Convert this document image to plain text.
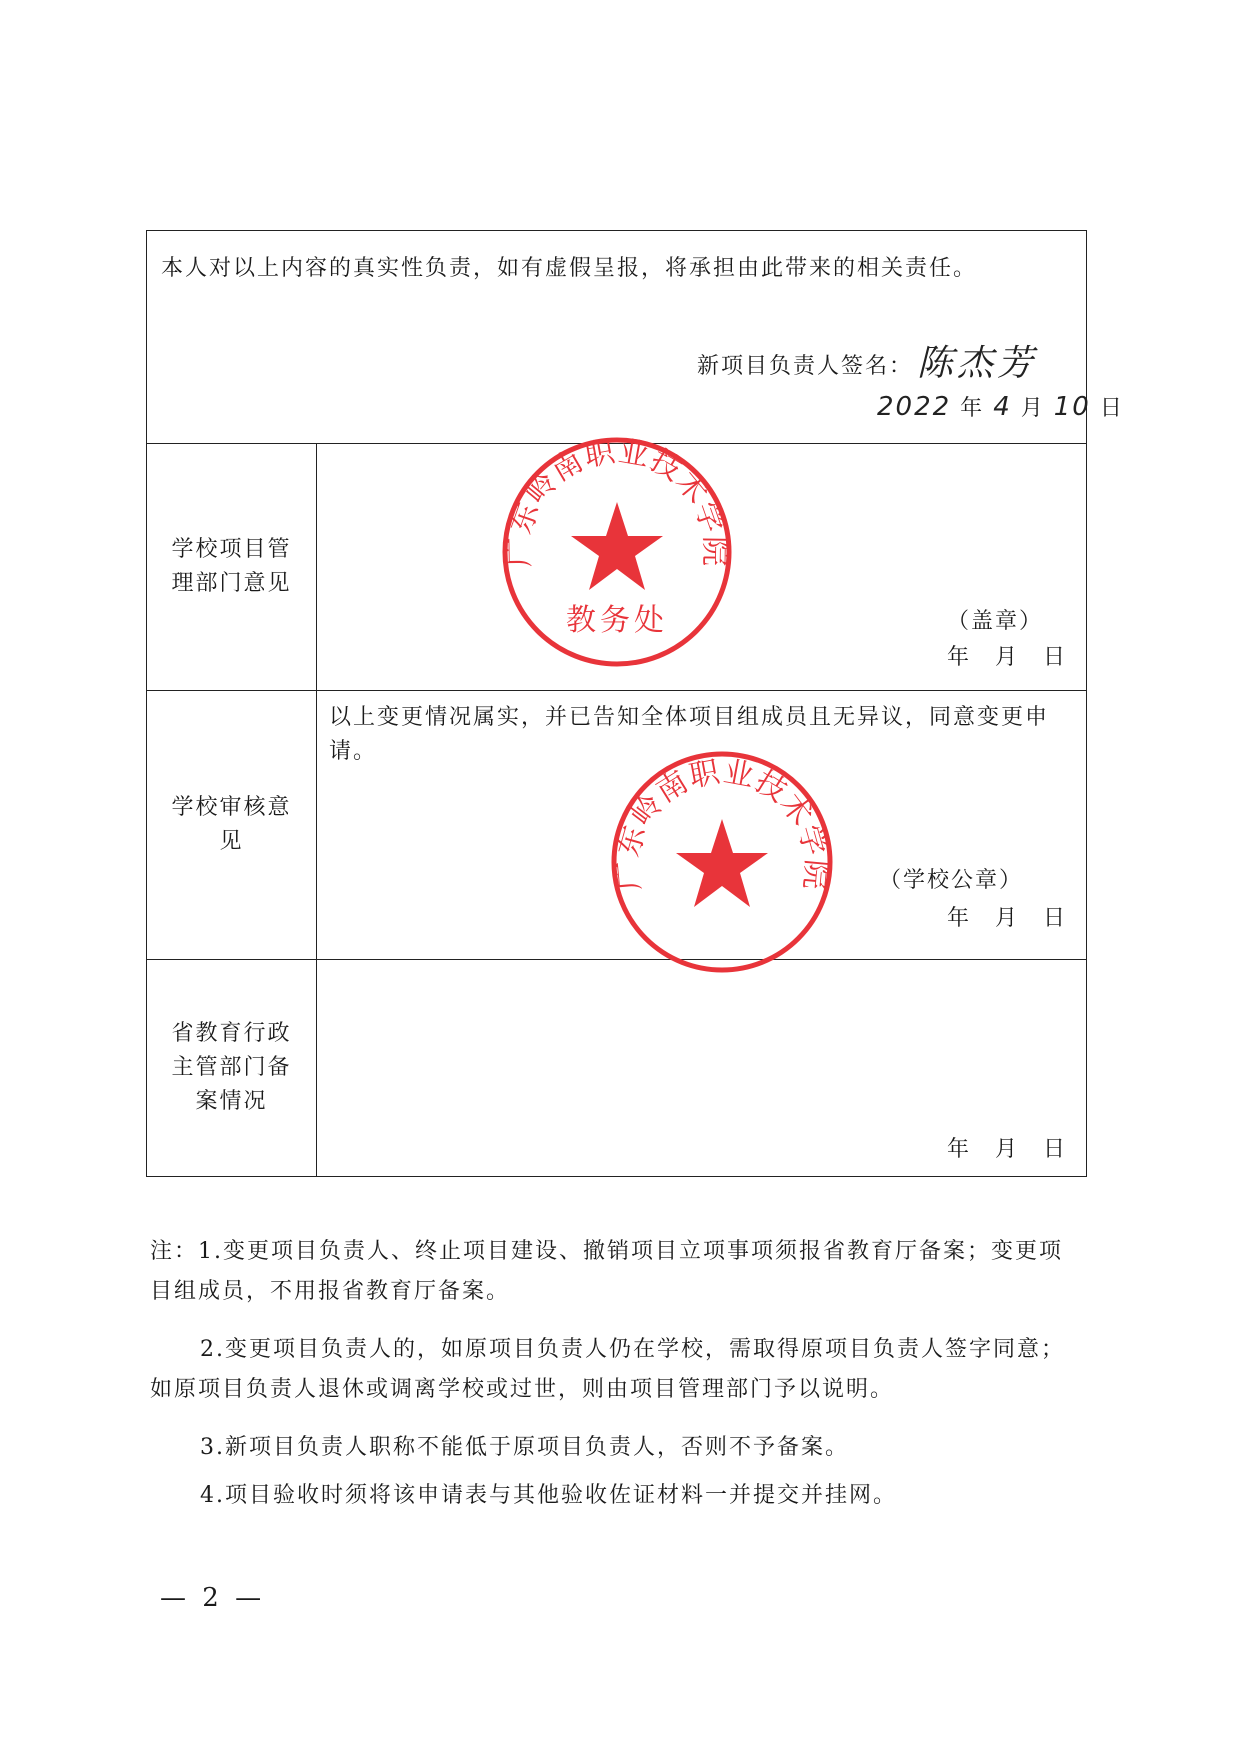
本人对以上内容的真实性负责，如有虚假呈报，将承担由此带来的相关责任。
新项目负责人签名： 陈杰芳
2022 年 4 月 10 日	

学校项目管理部门意见	广东岭南职业技术学院
教务处 （盖章）
年　月　日

学校审核意见	以上变更情况属实，并已告知全体项目组成员且无异议，同意变更申请。
广东岭南职业技术学院 （学校公章）
年　月　日

省教育行政主管部门备案情况	年　月　日
注：1.变更项目负责人、终止项目建设、撤销项目立项事项须报省教育厅备案；变更项目组成员，不用报省教育厅备案。
2.变更项目负责人的，如原项目负责人仍在学校，需取得原项目负责人签字同意；如原项目负责人退休或调离学校或过世，则由项目管理部门予以说明。
3.新项目负责人职称不能低于原项目负责人，否则不予备案。
4.项目验收时须将该申请表与其他验收佐证材料一并提交并挂网。
— 2 —
